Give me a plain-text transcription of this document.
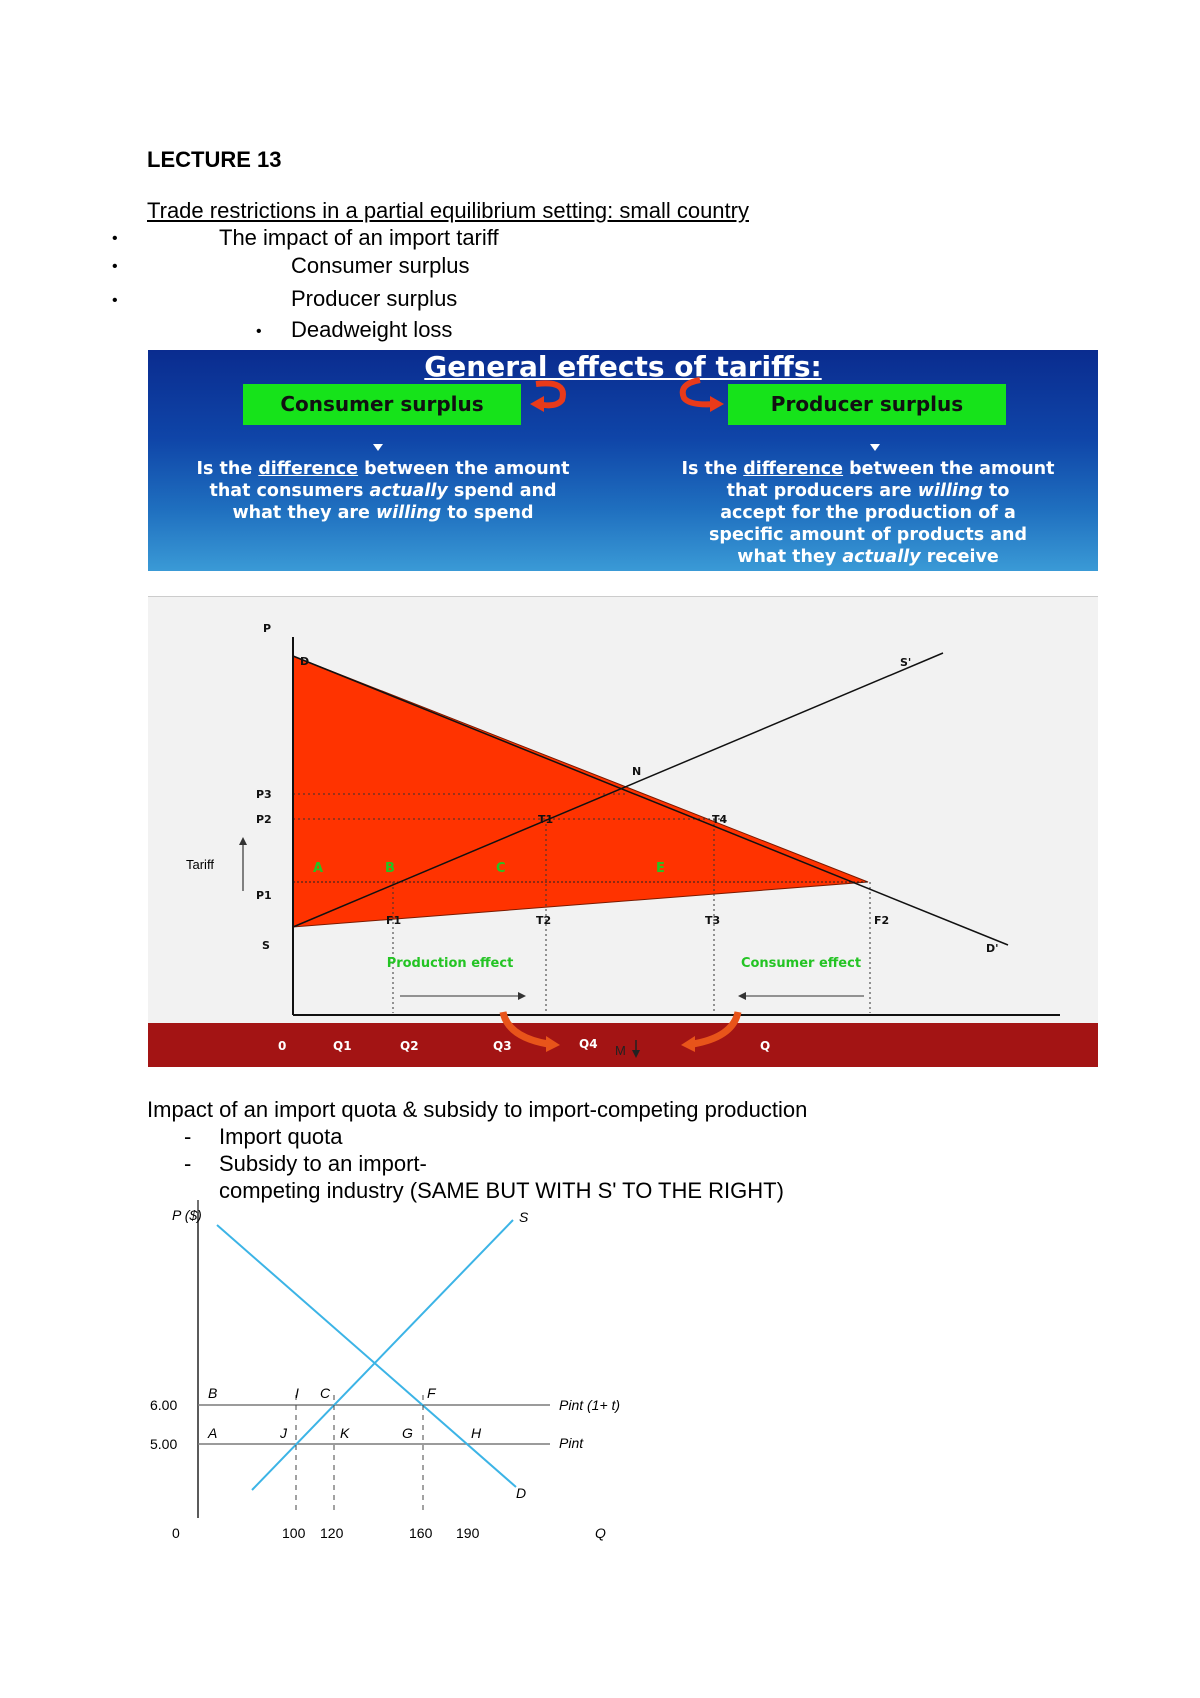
LECTURE 13
Trade restrictions in a partial equilibrium setting: small country
•	The impact of an import tariff
•	Consumer surplus
•	Producer surplus
• Deadweight loss
General effects of tariffs:
Consumer surplus	Producer surplus
Is the difference between the amount
that consumers actually spend and
what they are willing to spend
Is the difference between the amount
that producers are willing to
accept for the production of a
specific amount of products and
what they actually receive
Tariff
Production effect	Consumer effect
P
P3
P2
P1
S
D	S'
N
T1	T4
F1	T2	T3	F2
D'
A	B	C	E
0	Q1	Q2	Q3	Q4	Q
M
Impact of an import quota & subsidy to import-competing production
- Import quota
- Subsidy to an import-
competing industry (SAME BUT WITH S' TO THE RIGHT)
P ($)
6.00
5.00
0	100 120	160 190	Q
S
D
Pint (1+ t)
Pint
B	I C	F
A	J	K	G	H
